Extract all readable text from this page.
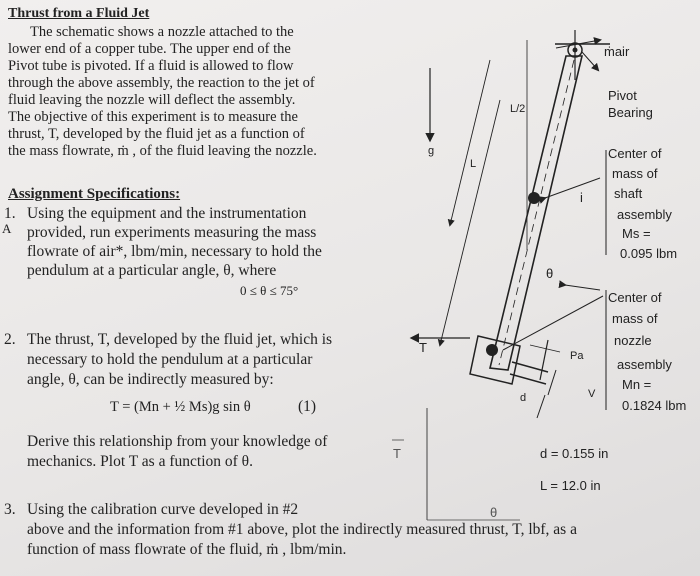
Thrust from a Fluid Jet
The schematic shows a nozzle attached to the
lower end of a copper tube. The upper end of the
Pivot tube is pivoted. If a fluid is allowed to flow
through the above assembly, the reaction to the jet of
fluid leaving the nozzle will deflect the assembly.
The objective of this experiment is to measure the
thrust, T, developed by the fluid jet as a function of
the mass flowrate, ṁ , of the fluid leaving the nozzle.
Assignment Specifications:
1.
A
Using the equipment and the instrumentation
provided, run experiments measuring the mass
flowrate of air*, lbm/min, necessary to hold the
pendulum at a particular angle, θ, where
0 ≤ θ ≤ 75°
2. The thrust, T, developed by the fluid jet, which is
necessary to hold the pendulum at a particular
angle, θ, can be indirectly measured by:
T = (Mn + ½ Ms)g sin θ	(1)
Derive this relationship from your knowledge of
mechanics. Plot T as a function of θ.
3. Using the calibration curve developed in #2
above and the information from #1 above, plot the indirectly measured thrust, T, lbf, as a
function of mass flowrate of the fluid, ṁ , lbm/min.
ṁair
Pivot
Bearing
L/2
L
g	Center of
mass of
shaft
assembly
Ms =
0.095 lbm
θ
i
Center of
mass of
nozzle
assembly
Mn =
0.1824 lbm
T
Pa
d	V
d = 0.155 in
L = 12.0 in
T
θ
